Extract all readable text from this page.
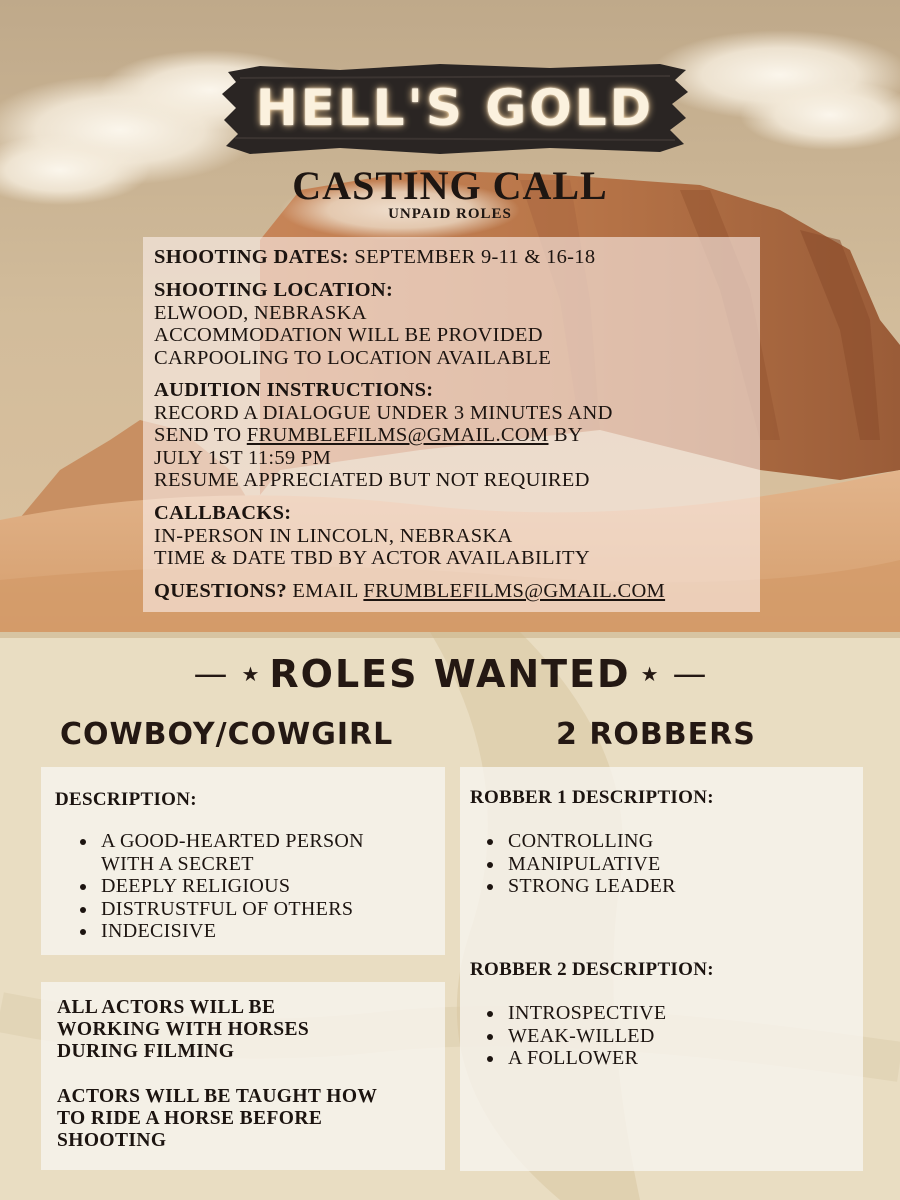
HELL'S GOLD
CASTING CALL
UNPAID ROLES
SHOOTING DATES: SEPTEMBER 9-11 & 16-18
SHOOTING LOCATION:
ELWOOD, NEBRASKA
ACCOMMODATION WILL BE PROVIDED
CARPOOLING TO LOCATION AVAILABLE
AUDITION INSTRUCTIONS:
RECORD A DIALOGUE UNDER 3 MINUTES AND
SEND TO FRUMBLEFILMS@GMAIL.COM BY
JULY 1ST 11:59 PM
RESUME APPRECIATED BUT NOT REQUIRED
CALLBACKS:
IN-PERSON IN LINCOLN, NEBRASKA
TIME & DATE TBD BY ACTOR AVAILABILITY
QUESTIONS? EMAIL FRUMBLEFILMS@GMAIL.COM
— ★ ROLES WANTED ★ —
COWBOY/COWGIRL	2 ROBBERS
DESCRIPTION:
A GOOD-HEARTED PERSON WITH A SECRET
DEEPLY RELIGIOUS
DISTRUSTFUL OF OTHERS
INDECISIVE
ALL ACTORS WILL BE WORKING WITH HORSES DURING FILMING
ACTORS WILL BE TAUGHT HOW TO RIDE A HORSE BEFORE SHOOTING
ROBBER 1 DESCRIPTION:
CONTROLLING
MANIPULATIVE
STRONG LEADER
ROBBER 2 DESCRIPTION:
INTROSPECTIVE
WEAK-WILLED
A FOLLOWER
